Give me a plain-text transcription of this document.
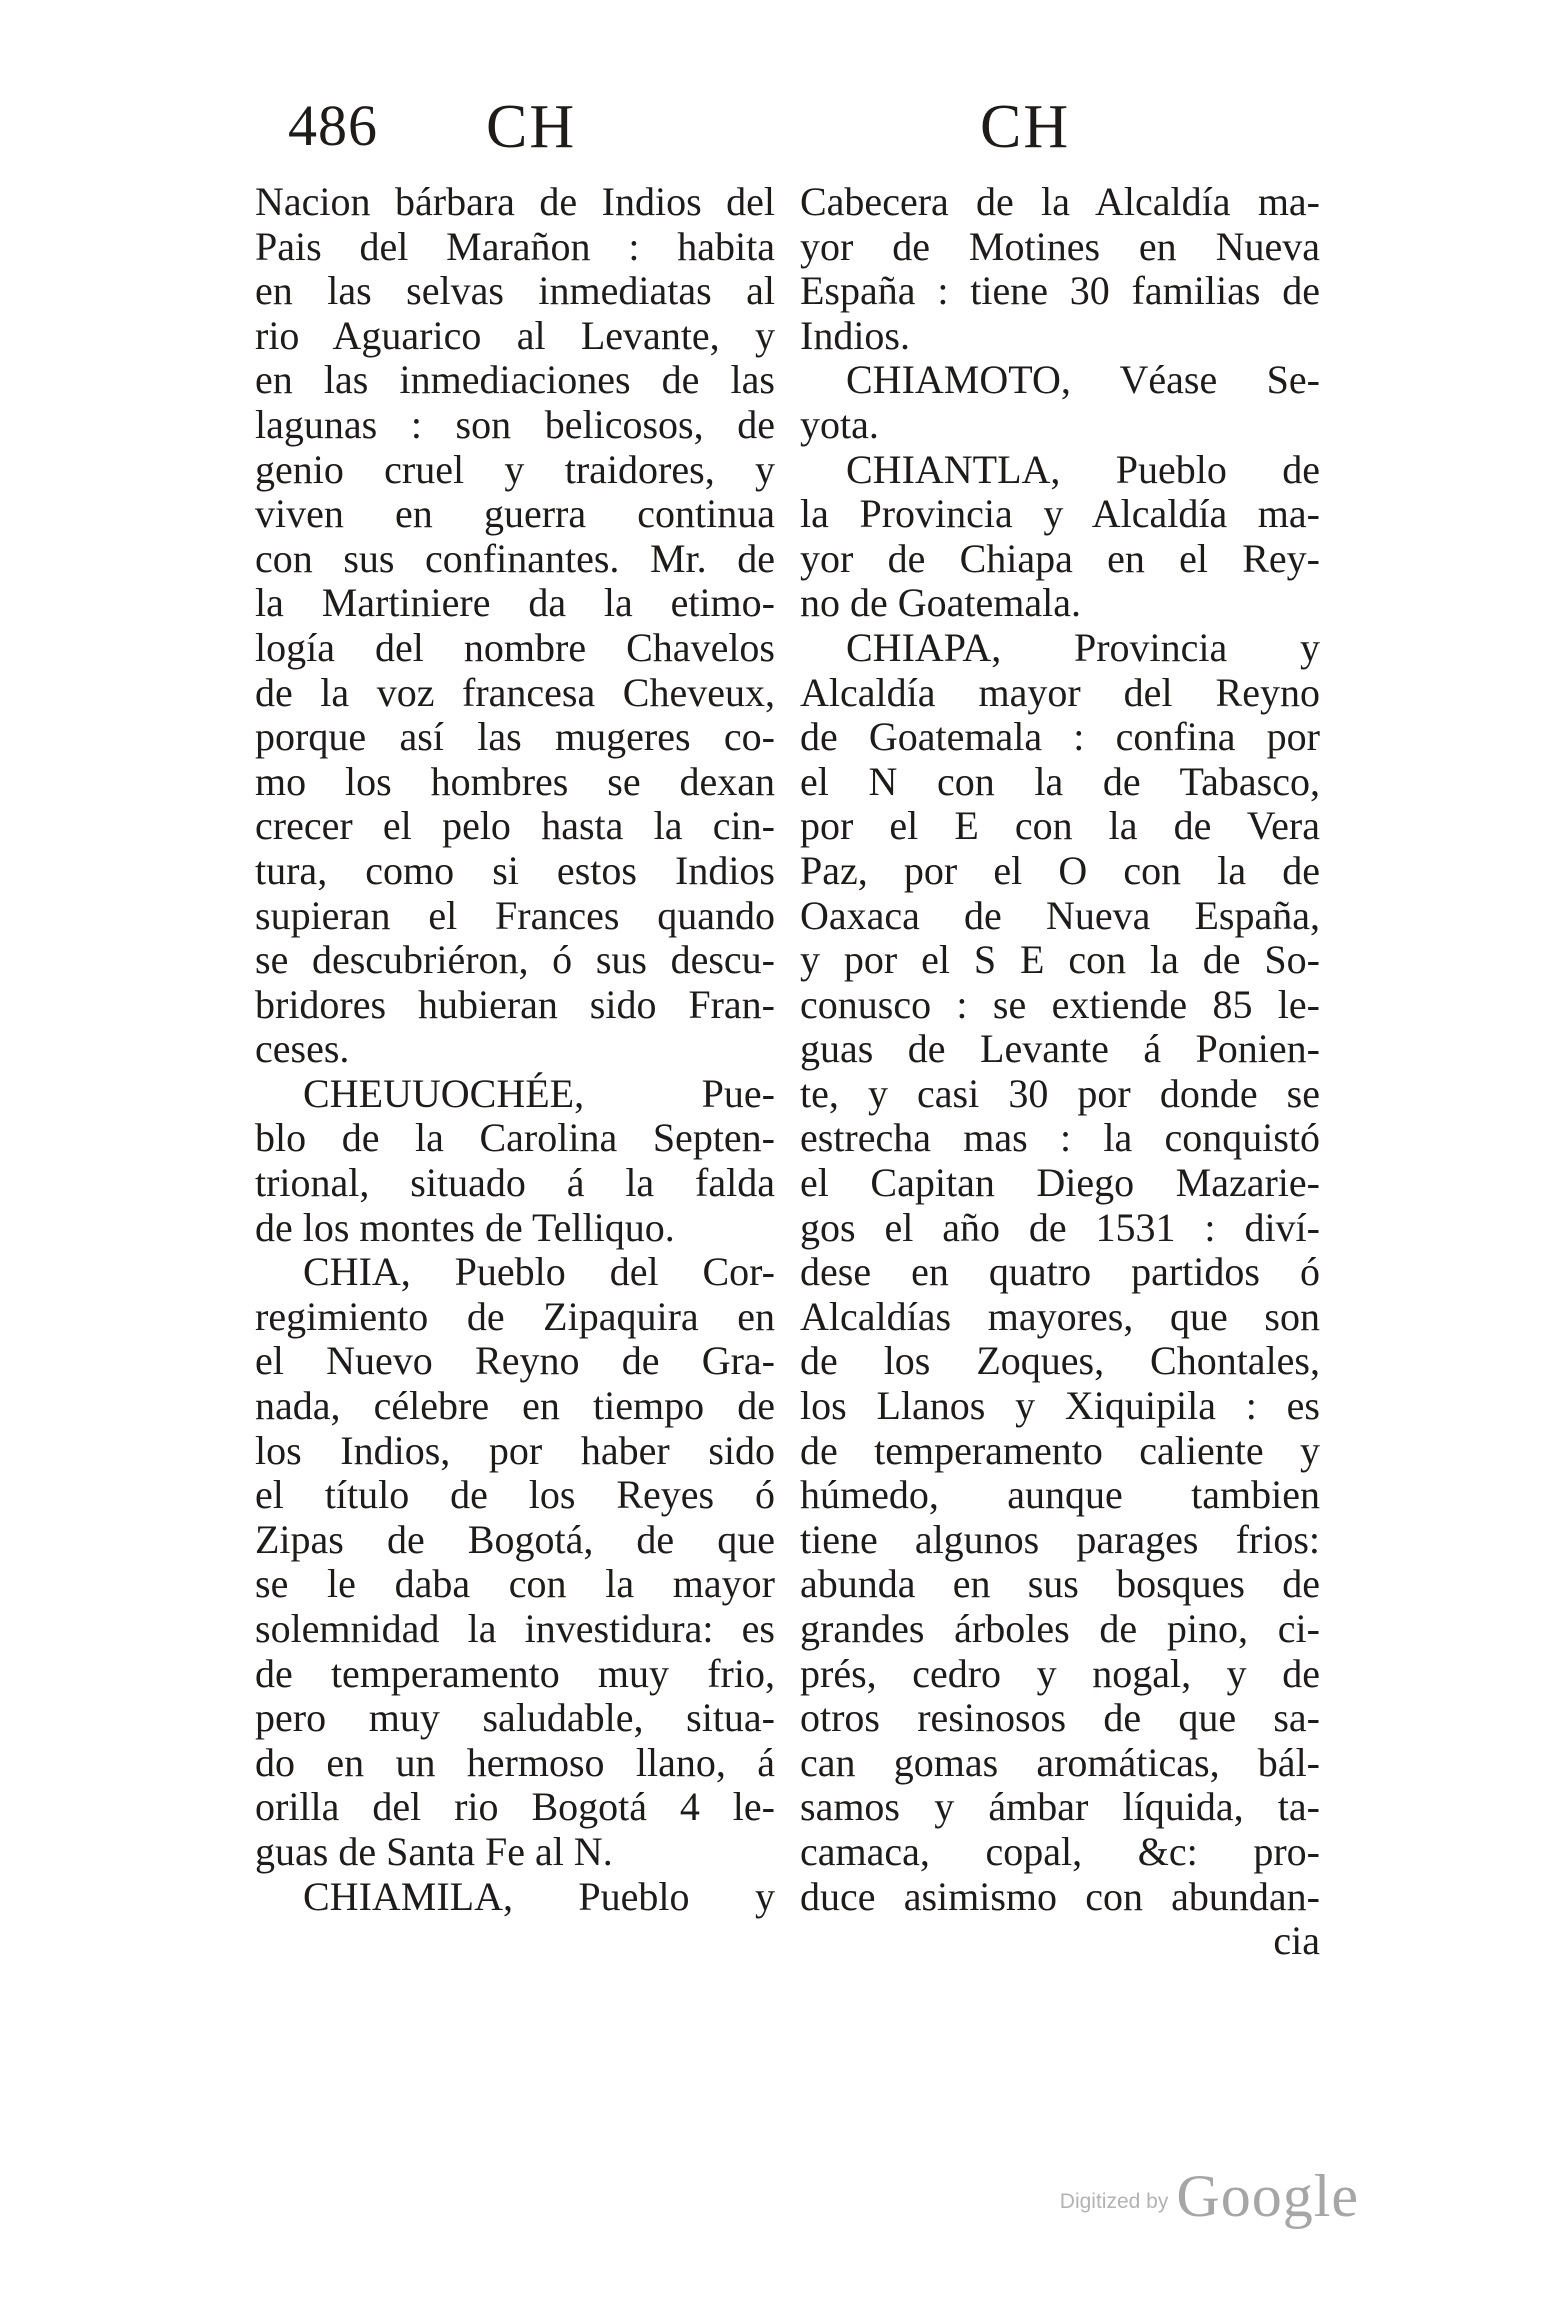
486 CH	CH
Nacion bárbara de Indios del
Pais del Marañon : habita
en las selvas inmediatas al
rio Aguarico al Levante, y
en las inmediaciones de las
lagunas : son belicosos, de
genio cruel y traidores, y
viven en guerra continua
con sus confinantes. Mr. de
la Martiniere da la etimo-
logía del nombre Chavelos
de la voz francesa Cheveux,
porque así las mugeres co-
mo los hombres se dexan
crecer el pelo hasta la cin-
tura, como si estos Indios
supieran el Frances quando
se descubriéron, ó sus descu-
bridores hubieran sido Fran-
ceses.
CHEUUOCHÉE, Pue-
blo de la Carolina Septen-
trional, situado á la falda
de los montes de Telliquo.
CHIA, Pueblo del Cor-
regimiento de Zipaquira en
el Nuevo Reyno de Gra-
nada, célebre en tiempo de
los Indios, por haber sido
el título de los Reyes ó
Zipas de Bogotá, de que
se le daba con la mayor
solemnidad la investidura: es
de temperamento muy frio,
pero muy saludable, situa-
do en un hermoso llano, á
orilla del rio Bogotá 4 le-
guas de Santa Fe al N.
CHIAMILA, Pueblo y
Cabecera de la Alcaldía ma-
yor de Motines en Nueva
España : tiene 30 familias de
Indios.
CHIAMOTO, Véase Se-
yota.
CHIANTLA, Pueblo de
la Provincia y Alcaldía ma-
yor de Chiapa en el Rey-
no de Goatemala.
CHIAPA, Provincia y
Alcaldía mayor del Reyno
de Goatemala : confina por
el N con la de Tabasco,
por el E con la de Vera
Paz, por el O con la de
Oaxaca de Nueva España,
y por el S E con la de So-
conusco : se extiende 85 le-
guas de Levante á Ponien-
te, y casi 30 por donde se
estrecha mas : la conquistó
el Capitan Diego Mazarie-
gos el año de 1531 : diví-
dese en quatro partidos ó
Alcaldías mayores, que son
de los Zoques, Chontales,
los Llanos y Xiquipila : es
de temperamento caliente y
húmedo, aunque tambien
tiene algunos parages frios:
abunda en sus bosques de
grandes árboles de pino, ci-
prés, cedro y nogal, y de
otros resinosos de que sa-
can gomas aromáticas, bál-
samos y ámbar líquida, ta-
camaca, copal, &c: pro-
duce asimismo con abundan-
cia
Digitized by Google
